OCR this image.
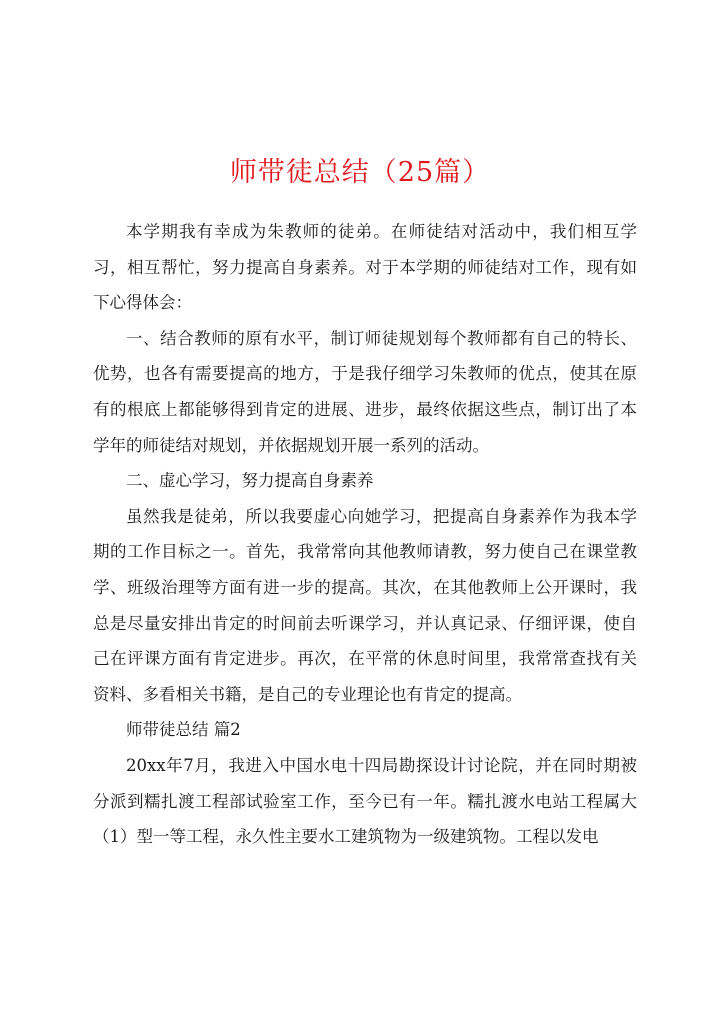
师带徒总结（25篇）

本学期我有幸成为朱教师的徒弟。在师徒结对活动中，我们相互学习，相互帮忙，努力提高自身素养。对于本学期的师徒结对工作，现有如下心得体会：

一、结合教师的原有水平，制订师徒规划每个教师都有自己的特长、优势，也各有需要提高的地方，于是我仔细学习朱教师的优点，使其在原有的根底上都能够得到肯定的进展、进步，最终依据这些点，制订出了本学年的师徒结对规划，并依据规划开展一系列的活动。

二、虚心学习，努力提高自身素养

虽然我是徒弟，所以我要虚心向她学习，把提高自身素养作为我本学期的工作目标之一。首先，我常常向其他教师请教，努力使自己在课堂教学、班级治理等方面有进一步的提高。其次，在其他教师上公开课时，我总是尽量安排出肯定的时间前去听课学习，并认真记录、仔细评课，使自己在评课方面有肯定进步。再次，在平常的休息时间里，我常常查找有关资料、多看相关书籍，是自己的专业理论也有肯定的提高。

师带徒总结 篇2

20xx年7月，我进入中国水电十四局勘探设计讨论院，并在同时期被分派到糯扎渡工程部试验室工作，至今已有一年。糯扎渡水电站工程属大（1）型一等工程，永久性主要水工建筑物为一级建筑物。工程以发电
